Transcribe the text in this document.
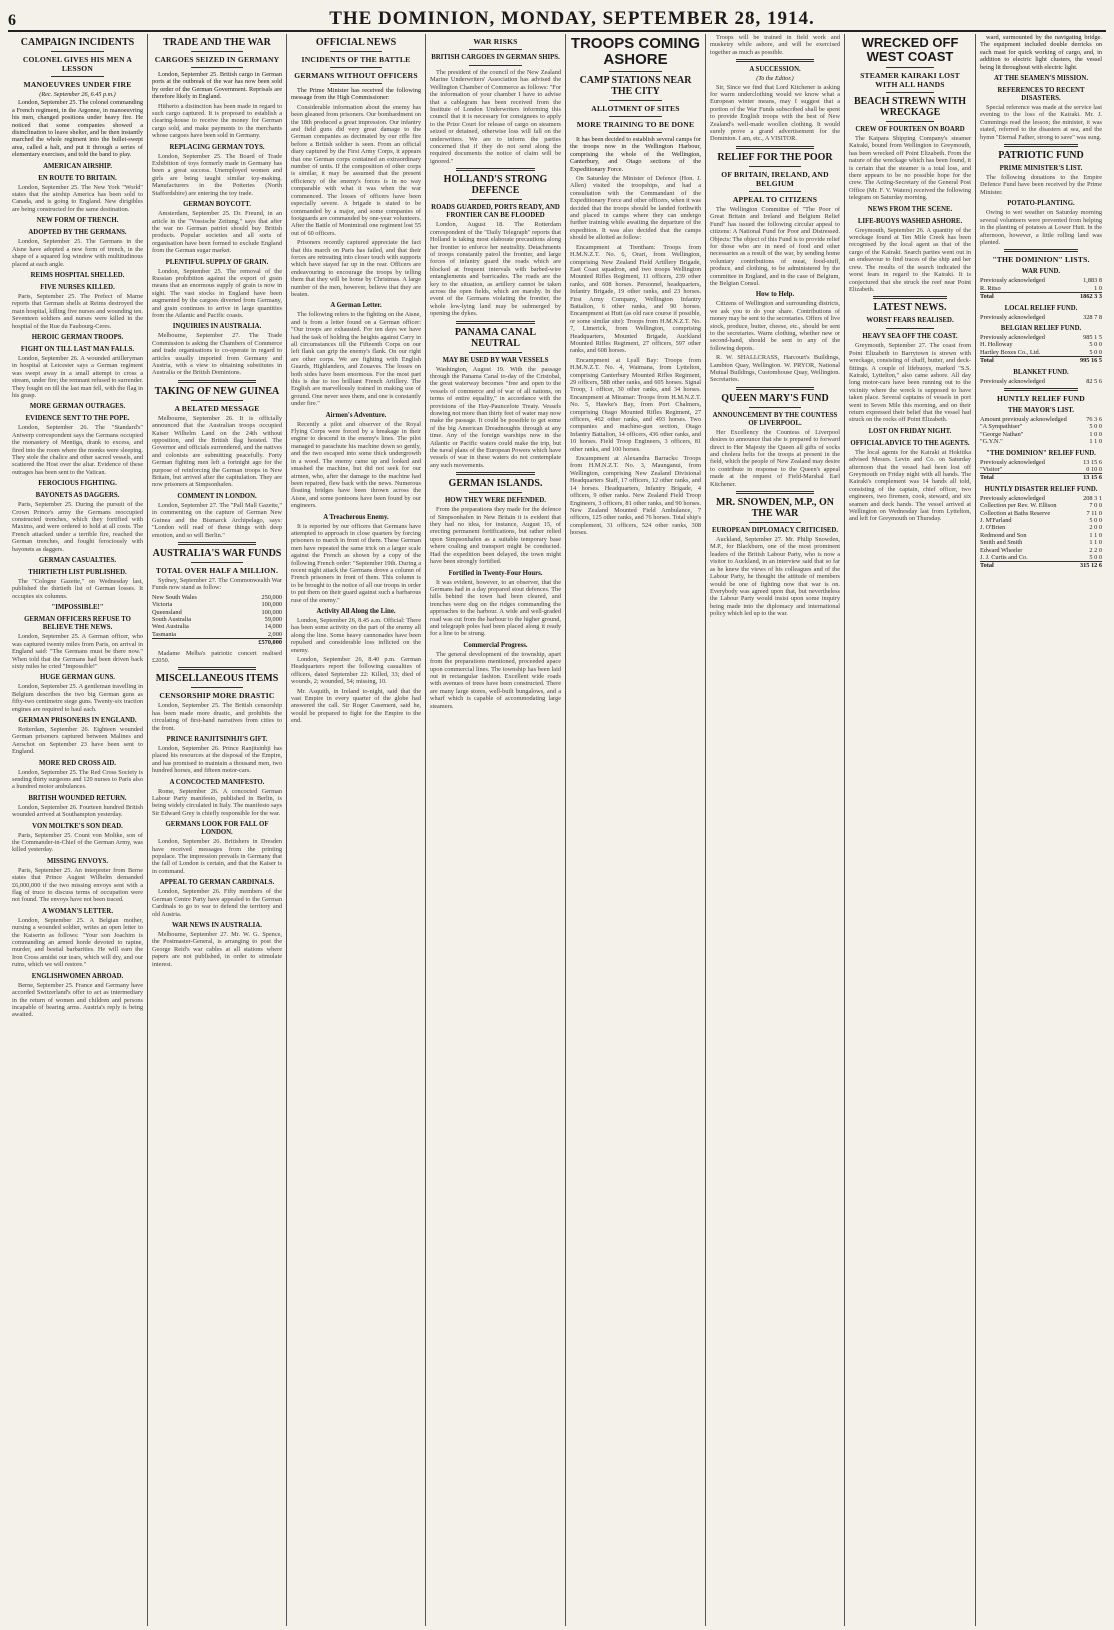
6	THE DOMINION, MONDAY, SEPTEMBER 28, 1914.
CAMPAIGN INCIDENTS
COLONEL GIVES HIS MEN A LESSON
MANOEUVRES UNDER FIRE
(Rec. September 26, 6.45 p.m.)

London, September 25. The colonel commanding a French regiment, in the Argonne, in manoeuvring his men, changed positions under heavy fire. He noticed that some companies showed a disinclination to leave shelter, and he then instantly marched the whole regiment into the bullet-swept area, called a halt, and put it through a series of elementary exercises, and told the band to play.

AMERICAN AIRSHIP.
EN ROUTE TO BRITAIN.

London, September 25. The New York "World" states that the airship America has been sold to Canada, and is going to England. New dirigibles are being constructed for the same destination.

NEW FORM OF TRENCH.
ADOPTED BY THE GERMANS.

London, September 25. The Germans in the Aisne have adopted a new form of trench, in the shape of a squared log window with multitudinous placed at each angle.

REIMS HOSPITAL SHELLED.
FIVE NURSES KILLED.

Paris, September 25. The Prefect of Marne reports that German shells at Reims destroyed the main hospital, killing five nurses and wounding ten. Seventeen soldiers and nurses were killed in the hospital of the Rue du Faubourg-Ceres.

HEROIC GERMAN TROOPS.
FIGHT ON TILL LAST MAN FALLS.

London, September 26. A wounded artilleryman in hospital at Leicester says a German regiment was swept away in a small attempt to cross a stream, under fire; the remnant refused to surrender. They fought on till the last man fell, with the flag in his grasp.

MORE GERMAN OUTRAGES.
EVIDENCE SENT TO THE POPE.

London, September 26. The "Standard's" Antwerp correspondent says the Germans occupied the monastery of Mentiga, drank to excess, and fired into the room where the monks were sleeping. They stole the chalice and other sacred vessels, and scattered the Host over the altar. Evidence of these outrages has been sent to the Vatican.

FEROCIOUS FIGHTING.
BAYONETS AS DAGGERS.

Paris, September 25. During the pursuit of the Crown Prince's army the Germans reoccupied constructed trenches, which they fortified with Maxims, and were ordered to hold at all costs. The French attacked under a terrible fire, reached the German trenches, and fought ferociously with bayonets as daggers.

GERMAN CASUALTIES.
THIRTIETH LIST PUBLISHED.

The "Cologne Gazette," on Wednesday last, published the thirtieth list of German losses. It occupies six columns.

"IMPOSSIBLE!"
GERMAN OFFICERS REFUSE TO BELIEVE THE NEWS.

London, September 25. A German officer, who was captured twenty miles from Paris, on arrival in England said: "The Germans must be there now." When told that the Germans had been driven back sixty miles he cried "Impossible!"

HUGE GERMAN GUNS.

London, September 25. A gentleman travelling in Belgium describes the two big German guns as fifty-two centimetre siege guns. Twenty-six traction engines are required to haul each.

GERMAN PRISONERS IN ENGLAND.

Rotterdam, September 26. Eighteen wounded German prisoners captured between Malines and Aerschot on September 23 have been sent to England.

MORE RED CROSS AID.

London, September 25. The Red Cross Society is sending thirty surgeons and 120 nurses to Paris also a hundred motor ambulances.

BRITISH WOUNDED RETURN.

London, September 26. Fourteen hundred British wounded arrived at Southampton yesterday.

VON MOLTKE'S SON DEAD.

Paris, September 25. Count von Moltke, son of the Commander-in-Chief of the German Army, was killed yesterday.

MISSING ENVOYS.

Paris, September 25. An interpreter from Berne states that Prince August Wilhelm demanded £6,000,000 if the two missing envoys sent with a flag of truce to discuss terms of occupation were not found. The envoys have not been traced.

A WOMAN'S LETTER.

London, September 25. A Belgian mother, nursing a wounded soldier, writes an open letter to the Kaiserin as follows: "Your son Joachim is commanding an armed horde devoted to rapine, murder, and bestial barbarities. He will earn the Iron Cross amidst our tears, which will dry, and our ruins, which we will restore."

ENGLISHWOMEN ABROAD.

Berne, September 25. France and Germany have accorded Switzerland's offer to act as intermediary in the return of women and children and persons incapable of bearing arms. Austria's reply is being awaited.

TRADE AND THE WAR
CARGOES SEIZED IN GERMANY

London, September 25. British cargo in German ports at the outbreak of the war has now been sold by order of the German Government. Reprisals are therefore likely in England.

Hitherto a distinction has been made in regard to such cargo captured. It is proposed to establish a clearing-house to receive the money for German cargo sold, and make payments to the merchants whose cargoes have been sold in Germany.

REPLACING GERMAN TOYS.

London, September 25. The Board of Trade Exhibition of toys formerly made in Germany has been a great success. Unemployed women and girls are being taught similar toy-making. Manufacturers in the Potteries (North Staffordshire) are entering the toy trade.

GERMAN BOYCOTT.

Amsterdam, September 25. Dr. Freund, in an article in the "Vossische Zeitung," says that after the war no German patriot should buy British products. Popular societies and all sorts of organisation have been formed to exclude England from the German sugar market.

PLENTIFUL SUPPLY OF GRAIN.

London, September 25. The removal of the Russian prohibition against the export of grain means that an enormous supply of grain is now in sight. The vast stocks in England have been augmented by the cargoes diverted from Germany, and grain continues to arrive in large quantities from the Atlantic and Pacific coasts.

INQUIRIES IN AUSTRALIA.

Melbourne, September 27. The Trade Commission is asking the Chambers of Commerce and trade organisations to co-operate in regard to articles usually imported from Germany and Austria, with a view to obtaining substitutes in Australia or the British Dominions.

TAKING OF NEW GUINEA
A BELATED MESSAGE

Melbourne, September 26. It is officially announced that the Australian troops occupied Kaiser Wilhelm Land on the 24th without opposition, and the British flag hoisted. The Governor and officials surrendered, and the natives and colonists are submitting peacefully. Forty German fighting men left a fortnight ago for the purpose of reinforcing the German troops in New Britain, but arrived after the capitulation. They are now prisoners at Simpsonhafen.

COMMENT IN LONDON.

London, September 27. The "Pall Mall Gazette," in commenting on the capture of German New Guinea and the Bismarck Archipelago, says: "London will read of these things with deep emotion, and so will Berlin."

AUSTRALIA'S WAR FUNDS
TOTAL OVER HALF A MILLION.

Sydney, September 27. The Commonwealth War Funds now stand as follow:

New South Wales	250,000
Victoria	100,000
Queensland	100,000
South Australia	59,000
West Australia	14,000
Tasmania	2,000
	£570,000

Madame Melba's patriotic concert realised £2050.

MISCELLANEOUS ITEMS
CENSORSHIP MORE DRASTIC

London, September 25. The British censorship has been made more drastic, and prohibits the circulating of first-hand narratives from cities to the front.

PRINCE RANJITSINHJI'S GIFT.

London, September 26. Prince Ranjitsinhji has placed his resources at the disposal of the Empire, and has promised to maintain a thousand men, two hundred horses, and fifteen motor-cars.

A CONCOCTED MANIFESTO.

Rome, September 26. A concocted German Labour Party manifesto, published in Berlin, is being widely circulated in Italy. The manifesto says Sir Edward Grey is chiefly responsible for the war.

GERMANS LOOK FOR FALL OF LONDON.

London, September 26. Britishers in Dresden have received messages from the printing populace. The impression prevails in Germany that the fall of London is certain, and that the Kaiser is in command.

APPEAL TO GERMAN CARDINALS.

London, September 26. Fifty members of the German Centre Party have appealed to the German Cardinals to go to war to defend the territory and old Austria.

WAR NEWS IN AUSTRALIA.

Melbourne, September 27. Mr. W. G. Spence, the Postmaster-General, is arranging to post the George Reid's war cables at all stations where papers are not published, in order to stimulate interest.

OFFICIAL NEWS
INCIDENTS OF THE BATTLE
GERMANS WITHOUT OFFICERS

The Prime Minister has received the following message from the High Commissioner:

Considerable information about the enemy has been gleaned from prisoners. Our bombardment on the 18th produced a great impression. Our infantry and field guns did very great damage to the German companies as decimated by our rifle fire before a British soldier is seen. From an official diary captured by the First Army Corps, it appears that one German corps contained an extraordinary number of units. If the composition of other corps is similar, it may be assumed that the present efficiency of the enemy's forces is in no way comparable with what it was when the war commenced. The losses of officers have been especially severe. A brigade is stated to be commanded by a major, and some companies of footguards are commanded by one-year volunteers. After the Battle of Montmirail one regiment lost 55 out of 60 officers.

Prisoners recently captured appreciate the fact that this march on Paris has failed, and that their forces are retreating into closer touch with supports which have stayed far up in the rear. Officers are endeavouring to encourage the troops by telling them that they will be home by Christmas. A large number of the men, however, believe that they are beaten.

A German Letter.

The following refers to the fighting on the Aisne, and is from a letter found on a German officer: "Our troops are exhausted. For ten days we have had the task of holding the heights against Carry in all circumstances till the Fifteenth Corps on our left flank can grip the enemy's flank. On our right are other corps. We are fighting with English Guards, Highlanders, and Zouaves. The losses on both sides have been enormous. For the most part this is due to too brilliant French Artillery. The English are marvellously trained in making use of ground. One never sees them, and one is constantly under fire."

Airmen's Adventure.

Recently a pilot and observer of the Royal Flying Corps were forced by a breakage in their engine to descend in the enemy's lines. The pilot managed to parachute his machine down so gently, and the two escaped into some thick undergrowth in a wood. The enemy came up and looked and smashed the machine, but did not seek for our airmen, who, after the damage to the machine had been repaired, flew back with the news. Numerous floating bridges have been thrown across the Aisne, and some pontoons have been found by our engineers.

A Treacherous Enemy.

It is reported by our officers that Germans have attempted to approach in close quarters by forcing prisoners to march in front of them. These German men have repeated the same trick on a larger scale against the French as shown by a copy of the following French order: "September 19th. During a recent night attack the Germans drove a column of French prisoners in front of them. This column is to be brought to the notice of all our troops in order to put them on their guard against such a barbarous ruse of the enemy."

Activity All Along the Line.

London, September 26, 8.45 a.m. Official: There has been some activity on the part of the enemy all along the line. Some heavy cannonades have been repulsed and considerable loss inflicted on the enemy.

London, September 26, 8.40 p.m. German Headquarters report the following casualties of officers, dated September 22: Killed, 33; died of wounds, 2; wounded, 54; missing, 10.

Mr. Asquith, in Ireland to-night, said that the vast Empire in every quarter of the globe had answered the call. Sir Roger Casement, said he, would be prepared to fight for the Empire to the end.

WAR RISKS
BRITISH CARGOES IN GERMAN SHIPS.

The president of the council of the New Zealand Marine Underwriters' Association has advised the Wellington Chamber of Commerce as follows: "For the information of your chamber I have to advise that a cablegram has been received from the Institute of London Underwriters informing this council that it is necessary for consignees to apply to the Prize Court for release of cargo on steamers seized or detained, otherwise loss will fall on the underwriters. We are to inform the parties concerned that if they do not send along the required documents the notice of claim will be ignored."

HOLLAND'S STRONG DEFENCE
ROADS GUARDED, PORTS READY, AND FRONTIER CAN BE FLOODED

London, August 18. The Rotterdam correspondent of the "Daily Telegraph" reports that Holland is taking most elaborate precautions along her frontier to enforce her neutrality. Detachments of troops constantly patrol the frontier, and large forces of infantry guard the roads which are blocked at frequent intervals with barbed-wire entanglements and barricades. The roads are the key to the situation, as artillery cannot be taken across the open fields, which are marshy. In the event of the Germans violating the frontier, the whole low-lying land may be submerged by opening the dykes.

PANAMA CANAL NEUTRAL
MAY BE USED BY WAR VESSELS

Washington, August 19. With the passage through the Panama Canal to-day of the Cristobal, the great waterway becomes "free and open to the vessels of commerce and of war of all nations, on terms of entire equality," in accordance with the provisions of the Hay-Pauncefote Treaty. Vessels drawing not more than thirty feet of water may now make the passage. It could be possible to get some of the big American Dreadnoughts through at any time. Any of the foreign warships now in the Atlantic or Pacific waters could make the trip, but the naval plans of the European Powers which have vessels of war in these waters do not contemplate any such movements.

GERMAN ISLANDS.
HOW THEY WERE DEFENDED.

From the preparations they made for the defence of Simpsonhafen in New Britain it is evident that they had no idea, for instance, August 15, of erecting permanent fortifications, but rather relied upon Simpsonhafen as a suitable temporary base where coaling and transport might be conducted. Had the expedition been delayed, the town might have been strongly fortified.

Fortified in Twenty-Four Hours.

It was evident, however, to an observer, that the Germans had in a day prepared stout defences. The hills behind the town had been cleared, and trenches were dug on the ridges commanding the approaches to the harbour. A wide and well-graded road was cut from the harbour to the higher ground, and telegraph poles had been placed along it ready for a line to be strung.

Commercial Progress.

The general development of the township, apart from the preparations mentioned, proceeded apace upon commercial lines. The township has been laid out in rectangular fashion. Excellent wide roads with avenues of trees have been constructed. There are many large stores, well-built bungalows, and a wharf which is capable of accommodating large steamers.

TROOPS COMING ASHORE
CAMP STATIONS NEAR THE CITY
ALLOTMENT OF SITES
MORE TRAINING TO BE DONE

It has been decided to establish several camps for the troops now in the Wellington Harbour, comprising the whole of the Wellington, Canterbury, and Otago sections of the Expeditionary Force.

On Saturday the Minister of Defence (Hon. J. Allen) visited the troopships, and had a consultation with the Commandant of the Expeditionary Force and other officers, when it was decided that the troops should be landed forthwith and placed in camps where they can undergo further training while awaiting the departure of the expedition. It was also decided that the camps should be allotted as follow:

Encampment at Trentham: Troops from H.M.N.Z.T. No. 6, Orari, from Wellington, comprising New Zealand Field Artillery Brigade, East Coast squadron, and two troops Wellington Mounted Rifles Regiment, 11 officers, 239 other ranks, and 608 horses. Personnel, headquarters, Infantry Brigade, 19 other ranks, and 23 horses. First Army Company, Wellington Infantry Battalion, 6 other ranks, and 90 horses. Encampment at Hutt (as old race course if possible, or some similar site): Troops from H.M.N.Z.T. No. 7, Limerick, from Wellington, comprising Headquarters, Mounted Brigade, Auckland Mounted Rifles Regiment, 27 officers, 597 other ranks, and 608 horses.

Encampment at Lyall Bay: Troops from H.M.N.Z.T. No. 4, Waimana, from Lyttelton, comprising Canterbury Mounted Rifles Regiment, 29 officers, 588 other ranks, and 605 horses. Signal Troop, 1 officer, 30 other ranks, and 34 horses. Encampment at Miramar: Troops from H.M.N.Z.T. No. 5, Hawke's Bay, from Port Chalmers, comprising Otago Mounted Rifles Regiment, 27 officers, 462 other ranks, and 493 horses. Two companies and machine-gun section, Otago Infantry Battalion, 14 officers, 436 other ranks, and 10 horses. Field Troop Engineers, 3 officers, 81 other ranks, and 100 horses.

Encampment at Alexandra Barracks: Troops from H.M.N.Z.T. No. 3, Maunganui, from Wellington, comprising New Zealand Divisional Headquarters Staff, 17 officers, 12 other ranks, and 14 horses. Headquarters, Infantry Brigade, 4 officers, 9 other ranks. New Zealand Field Troop Engineers, 3 officers, 81 other ranks, and 90 horses. New Zealand Mounted Field Ambulance, 7 officers, 125 other ranks, and 76 horses. Total ship's complement, 31 officers, 524 other ranks, 308 horses.

Troops will be trained in field work and musketry while ashore, and will be exercised together as much as possible.

A SUCCESSION.
(To the Editor.)

Sir, Since we find that Lord Kitchener is asking for warm underclothing would we know what a European winter means, may I suggest that a portion of the War Funds subscribed shall be spent to provide English troops with the best of New Zealand's well-made woollen clothing. It would surely prove a grand advertisement for the Dominion. I am, etc., A VISITOR.

RELIEF FOR THE POOR
OF BRITAIN, IRELAND, AND BELGIUM
APPEAL TO CITIZENS

The Wellington Committee of "The Poor of Great Britain and Ireland and Belgium Relief Fund" has issued the following circular appeal to citizens: A National Fund for Poor and Distressed. Objects: The object of this Fund is to provide relief for those who are in need of food and other necessaries as a result of the war, by sending home voluntary contributions of meat, food-stuff, produce, and clothing, to be administered by the committee in England, and in the case of Belgium, the Belgian Consul.

How to Help.

Citizens of Wellington and surrounding districts, we ask you to do your share. Contributions of money may be sent to the secretaries. Offers of live stock, produce, butter, cheese, etc., should be sent to the secretaries. Warm clothing, whether new or second-hand, should be sent to any of the following depots.

R. W. SHALLCRASS, Harcourt's Buildings, Lambton Quay, Wellington. W. PRYOR, National Mutual Buildings, Customhouse Quay, Wellington. Secretaries.

QUEEN MARY'S FUND
ANNOUNCEMENT BY THE COUNTESS OF LIVERPOOL.

Her Excellency the Countess of Liverpool desires to announce that she is prepared to forward direct to Her Majesty the Queen all gifts of socks and cholera belts for the troops at present in the field, which the people of New Zealand may desire to contribute in response to the Queen's appeal made at the request of Field-Marshal Earl Kitchener.

MR. SNOWDEN, M.P., ON THE WAR
EUROPEAN DIPLOMACY CRITICISED.

Auckland, September 27. Mr. Philip Snowden, M.P., for Blackburn, one of the most prominent leaders of the British Labour Party, who is now a visitor to Auckland, in an interview said that so far as he knew the views of his colleagues and of the Labour Party, he thought the attitude of members would be one of fighting now that war is on. Everybody was agreed upon that, but nevertheless the Labour Party would insist upon some inquiry being made into the diplomacy and international policy which led up to the war.

WRECKED OFF WEST COAST
STEAMER KAIRAKI LOST WITH ALL HANDS
BEACH STREWN WITH WRECKAGE
CREW OF FOURTEEN ON BOARD

The Kaipara Shipping Company's steamer Kairaki, bound from Wellington to Greymouth, has been wrecked off Point Elizabeth. From the nature of the wreckage which has been found, it is certain that the steamer is a total loss, and there appears to be no possible hope for the crew. The Acting-Secretary of the General Post Office (Mr. F. V. Waters) received the following telegram on Saturday morning.

NEWS FROM THE SCENE.
LIFE-BUOYS WASHED ASHORE.

Greymouth, September 26. A quantity of the wreckage found at Ten Mile Creek has been recognised by the local agent as that of the cargo of the Kairaki. Search parties went out in an endeavour to find traces of the ship and her crew. The results of the search indicated the worst fears in regard to the Kairaki. It is conjectured that she struck the reef near Point Elizabeth.

LATEST NEWS.
WORST FEARS REALISED.
HEAVY SEA OFF THE COAST.

Greymouth, September 27. The coast from Point Elizabeth to Barrytown is strewn with wreckage, consisting of chaff, butter, and deck-fittings. A couple of lifebuoys, marked "S.S. Kairaki, Lyttelton," also came ashore. All day long motor-cars have been running out to the vicinity where the wreck is supposed to have taken place. Several captains of vessels in port went to Seven Mile this morning, and on their return expressed their belief that the vessel had struck on the rocks off Point Elizabeth.

LOST ON FRIDAY NIGHT.
OFFICIAL ADVICE TO THE AGENTS.

The local agents for the Kairaki at Hokitika advised Messrs. Levin and Co. on Saturday afternoon that the vessel had been lost off Greymouth on Friday night with all hands. The Kairaki's complement was 14 hands all told, consisting of the captain, chief officer, two engineers, two firemen, cook, steward, and six seamen and deck hands. The vessel arrived at Wellington on Wednesday last from Lyttelton, and left for Greymouth on Thursday.

ward, surmounted by the navigating bridge. The equipment included double derricks on each mast for quick working of cargo, and, in addition to electric light clusters, the vessel being lit throughout with electric light.

AT THE SEAMEN'S MISSION.
REFERENCES TO RECENT DISASTERS.

Special reference was made at the service last evening to the loss of the Kairaki. Mr. J. Cummings read the lesson; the minister, it was stated, referred to the disasters at sea, and the hymn "Eternal Father, strong to save" was sung.

PATRIOTIC FUND
PRIME MINISTER'S LIST.

The following donations to the Empire Defence Fund have been received by the Prime Minister.

POTATO-PLANTING.

Owing to wet weather on Saturday morning several volunteers were prevented from helping in the planting of potatoes at Lower Hutt. In the afternoon, however, a little rolling land was planted.

"THE DOMINION" LISTS.
WAR FUND.
Previously acknowledged	1,883 8
R. Ritso	1 0
Total	1862 3 3
LOCAL RELIEF FUND.
Previously acknowledged	328 7 8
BELGIAN RELIEF FUND.
Previously acknowledged	985 1 5
H. Holloway	5 0 0
Hartley Boxes Co., Ltd.	5 0 0
Total	995 16 5
BLANKET FUND.
Previously acknowledged	82 5 6
HUNTLY RELIEF FUND
THE MAYOR'S LIST.
Amount previously acknowledged	76 3 6
"A Sympathiser"	5 0 0
"George Nathan"	1 0 0
"G.Y.N."	1 1 0
"THE DOMINION" RELIEF FUND.
Previously acknowledged	13 15 6
"Visitor"	0 10 0
Total	13 15 6
HUNTLY DISASTER RELIEF FUND.
Previously acknowledged	208 3 1
Collection per Rev. W. Ellison	7 0 0
Collection at Baths Reserve	7 11 0
J. M'Farland	5 0 0
J. O'Brien	2 0 0
Redmond and Son	1 1 0
Smith and Smith	1 1 0
Edward Wheeler	2 2 0
J. J. Curtis and Co.	5 0 0
Total	315 12 6
